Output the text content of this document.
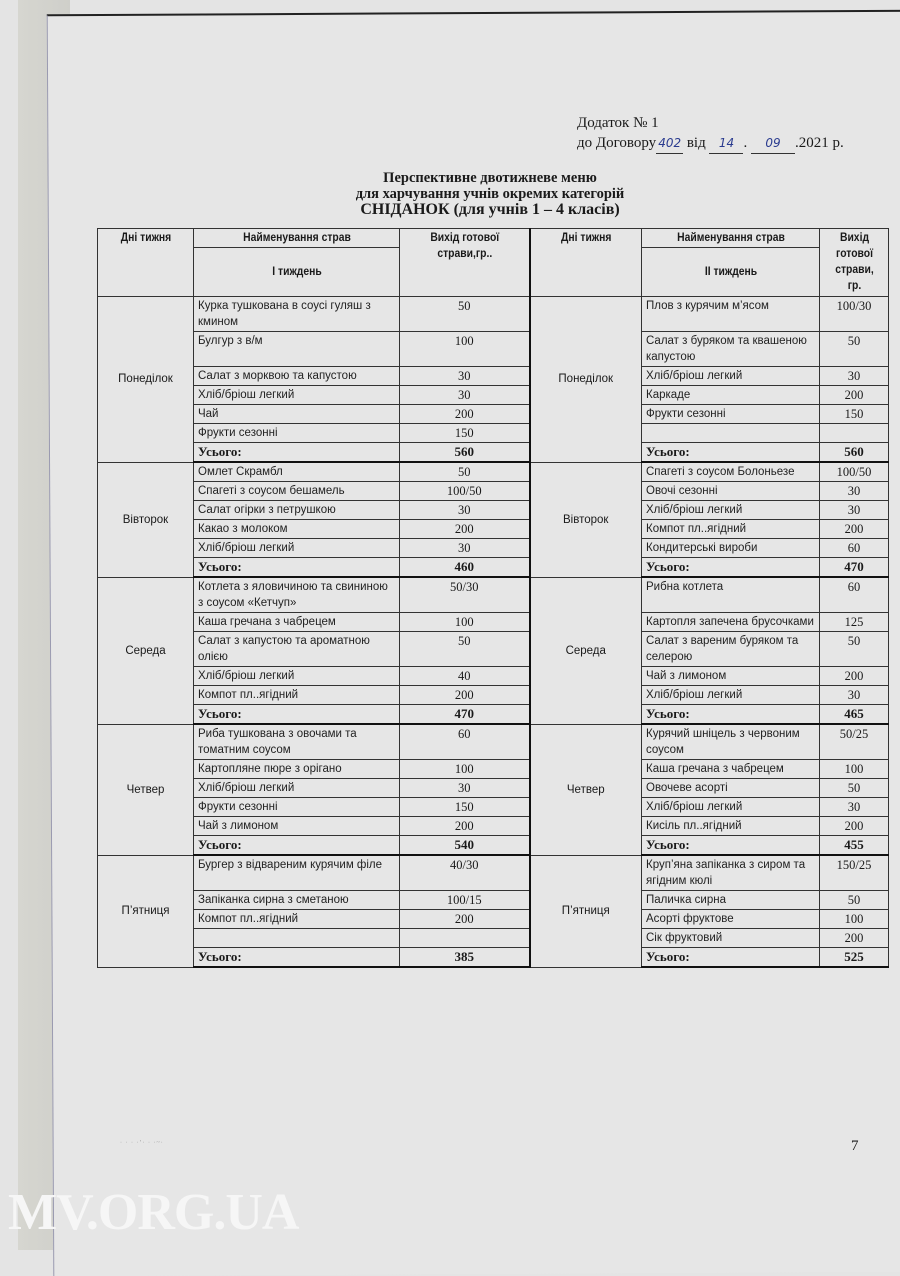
Додаток № 1
до Договору 402 від 14 . 09 .2021 р.
Перспективне двотижневе меню
для харчування учнів окремих категорій
СНІДАНОК (для учнів 1 – 4 класів)
Дні тижня	Найменування страв	Вихід готової страви,гр..	Дні тижня	Найменування страв	Вихід готової страви, гр.
	І тиждень			ІІ тиждень	
Понеділок	Курка тушкована в соусі гуляш з кмином	50	Понеділок	Плов з курячим м’ясом	100/30
	Булгур з в/м	100		Салат з буряком та квашеною капустою	50
	Салат з морквою та капустою	30		Хліб/бріош легкий	30
	Хліб/бріош легкий	30		Каркаде	200
	Чай	200		Фрукти сезонні	150
	Фрукти сезонні	150			
	Усього:	560		Усього:	560
Вівторок	Омлет Скрамбл	50	Вівторок	Спагеті з соусом Болоньезе	100/50
	Спагеті з соусом бешамель	100/50		Овочі сезонні	30
	Салат огірки з петрушкою	30		Хліб/бріош легкий	30
	Какао з молоком	200		Компот пл..ягідний	200
	Хліб/бріош легкий	30		Кондитерські вироби	60
	Усього:	460		Усього:	470
Середа	Котлета з яловичиною та свининою з соусом «Кетчуп»	50/30	Середа	Рибна котлета	60
	Каша гречана з чабрецем	100		Картопля запечена брусочками	125
	Салат з капустою та ароматною олією	50		Салат з вареним буряком та селерою	50
	Хліб/бріош легкий	40		Чай з лимоном	200
	Компот пл..ягідний	200		Хліб/бріош легкий	30
	Усього:	470		Усього:	465
Четвер	Риба тушкована з овочами та томатним соусом	60	Четвер	Курячий шніцель з червоним соусом	50/25
	Картопляне пюре з орігано	100		Каша гречана з чабрецем	100
	Хліб/бріош легкий	30		Овочеве асорті	50
	Фрукти сезонні	150		Хліб/бріош легкий	30
	Чай з лимоном	200		Кисіль пл..ягідний	200
	Усього:	540		Усього:	455
П’ятниця	Бургер з відвареним курячим філе	40/30	П’ятниця	Круп’яна запіканка з сиром та ягідним кюлі	150/25
	Запіканка сирна з сметаною	100/15		Паличка сирна	50
	Компот пл..ягідний	200		Асорті фруктове	100
				Сік фруктовий	200
	Усього:	385		Усього:	525
· · · ·ʼ· · ·~·	7
MV.ORG.UA
